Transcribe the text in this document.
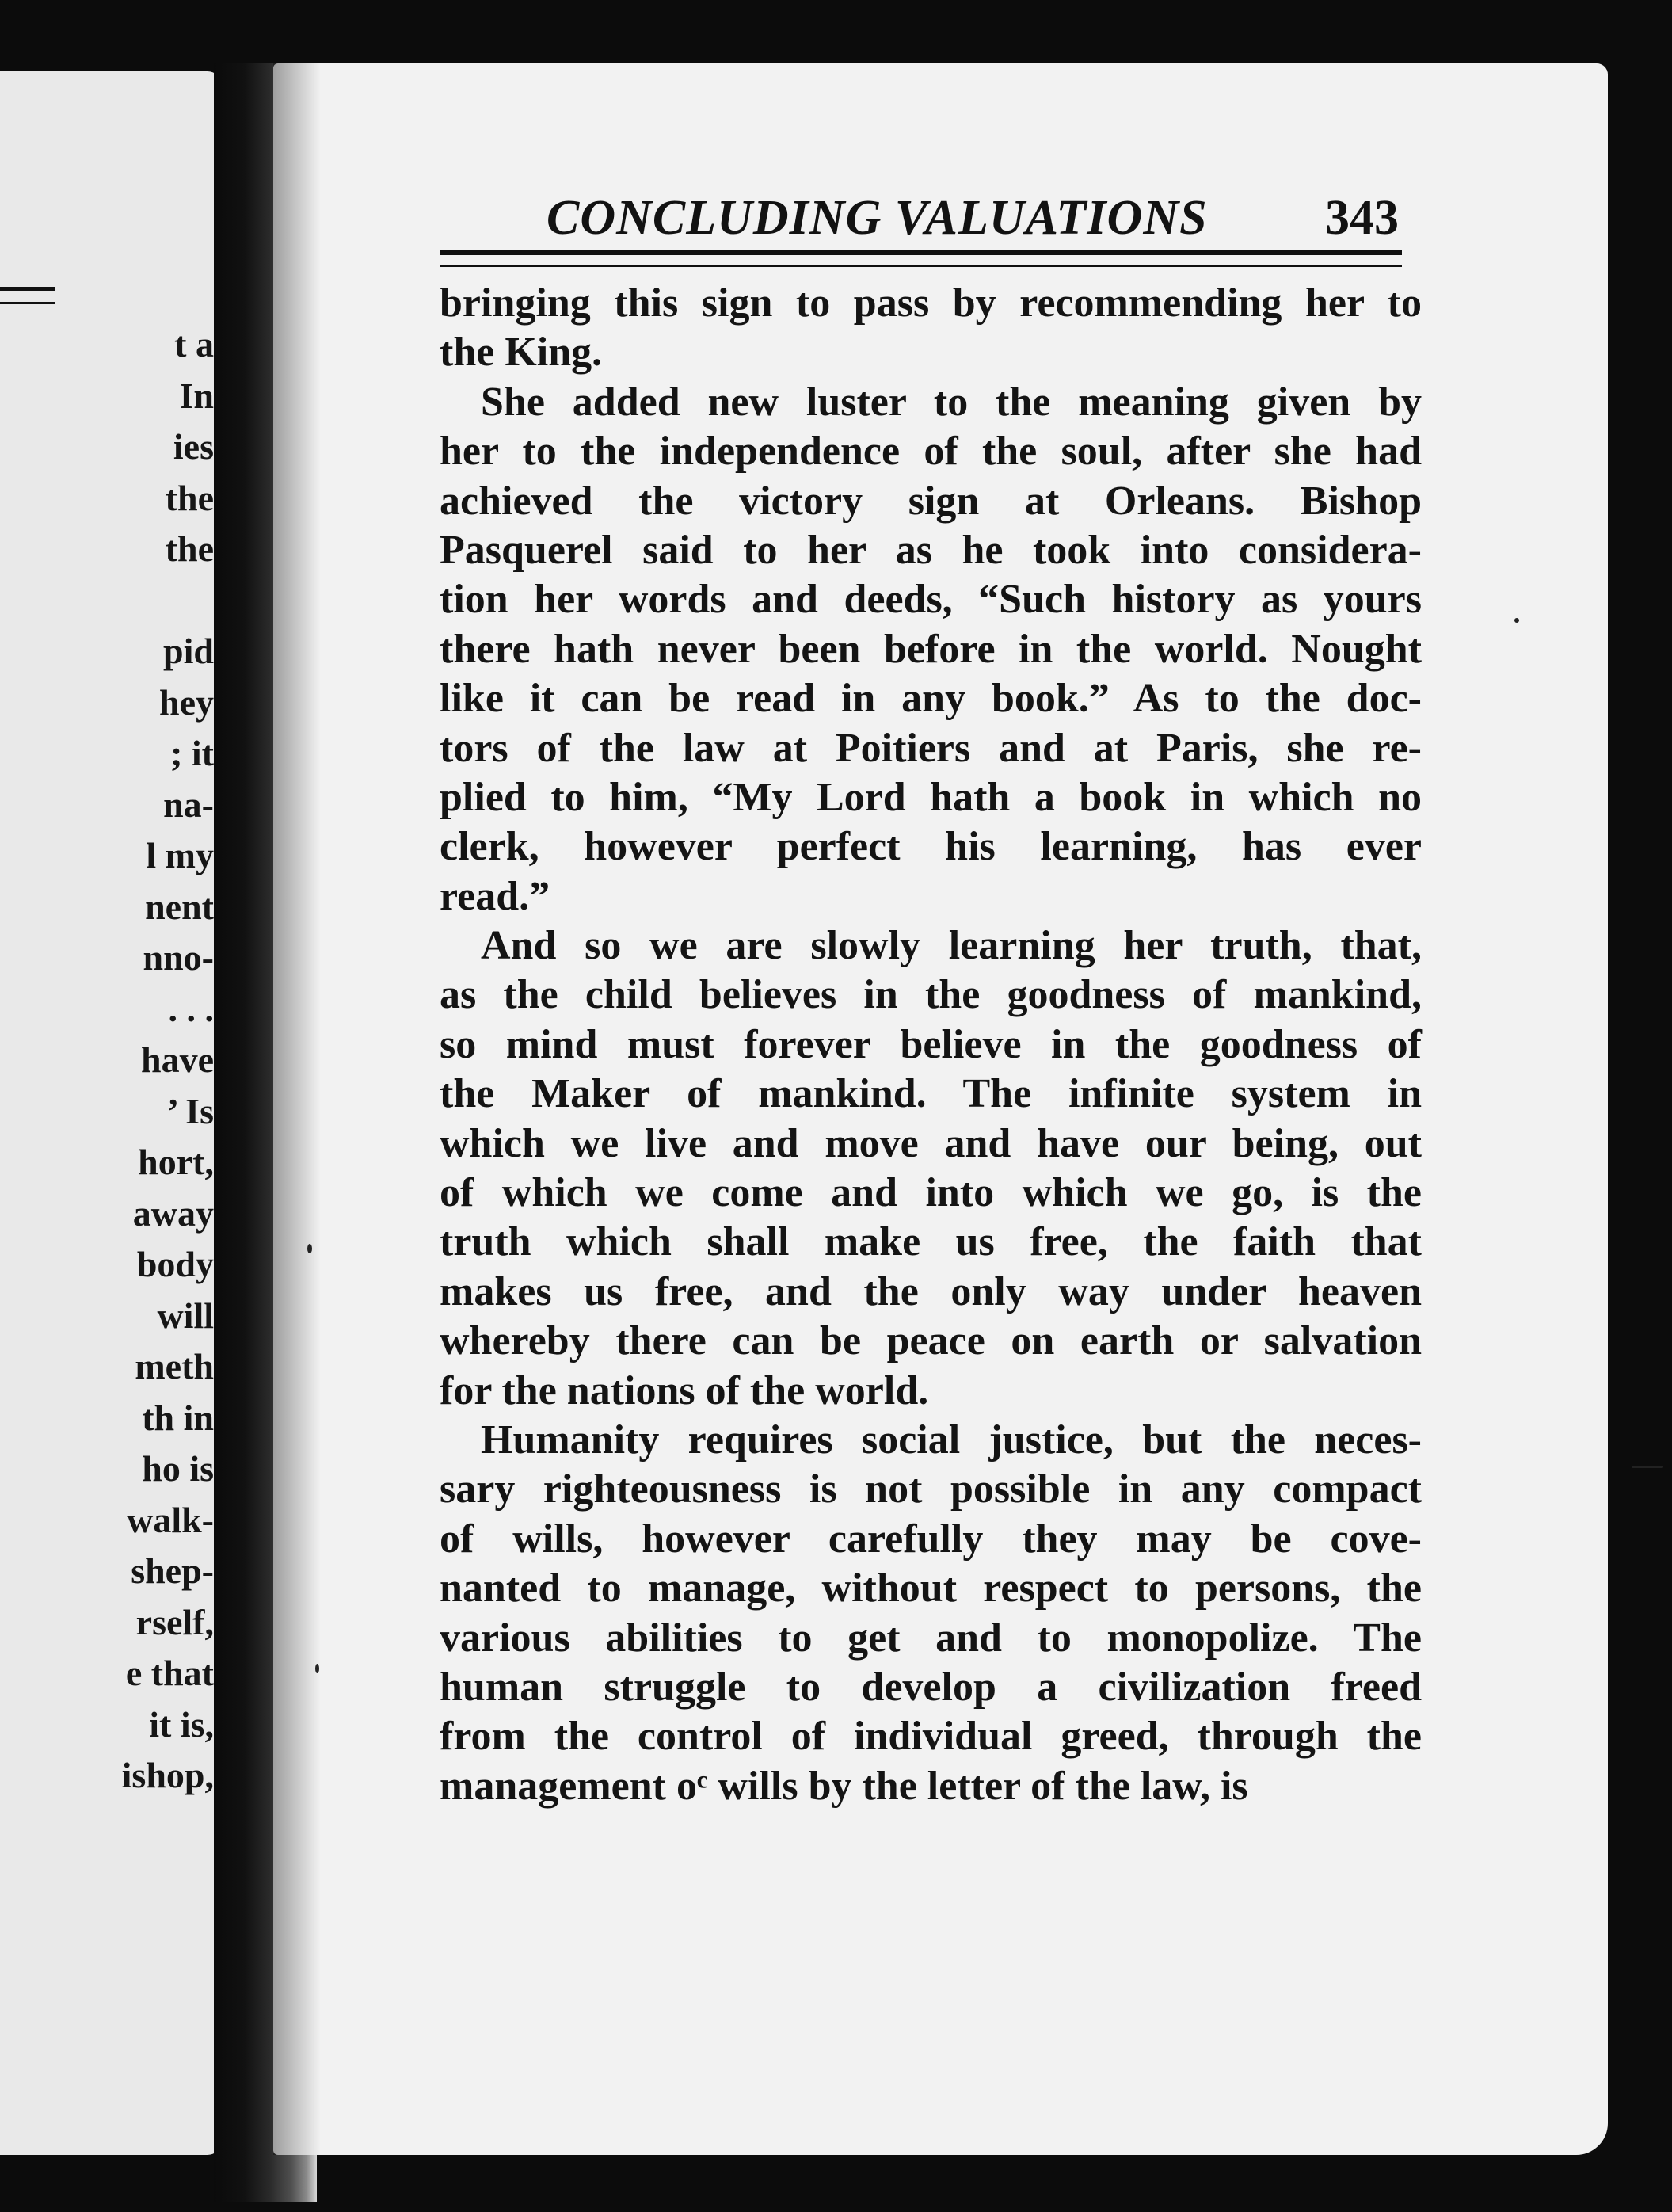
t a
In
ies
the
the
pid
hey
; it
na-
l my
nent
nno-
. . .
have
’ Is
hort,
away
body
will
meth
th in
ho is
walk-
shep-
rself,
e that
it is,
ishop,
CONCLUDING VALUATIONS 343
bringing this sign to pass by recommending her to
the King.
She added new luster to the meaning given by
her to the independence of the soul, after she had
achieved the victory sign at Orleans. Bishop
Pasquerel said to her as he took into considera-
tion her words and deeds, “Such history as yours
there hath never been before in the world. Nought
like it can be read in any book.” As to the doc-
tors of the law at Poitiers and at Paris, she re-
plied to him, “My Lord hath a book in which no
clerk, however perfect his learning, has ever
read.”
And so we are slowly learning her truth, that,
as the child believes in the goodness of mankind,
so mind must forever believe in the goodness of
the Maker of mankind. The infinite system in
which we live and move and have our being, out
of which we come and into which we go, is the
truth which shall make us free, the faith that
makes us free, and the only way under heaven
whereby there can be peace on earth or salvation
for the nations of the world.
Humanity requires social justice, but the neces-
sary righteousness is not possible in any compact
of wills, however carefully they may be cove-
nanted to manage, without respect to persons, the
various abilities to get and to monopolize. The
human struggle to develop a civilization freed
from the control of individual greed, through the
management oᶜ wills by the letter of the law, is
